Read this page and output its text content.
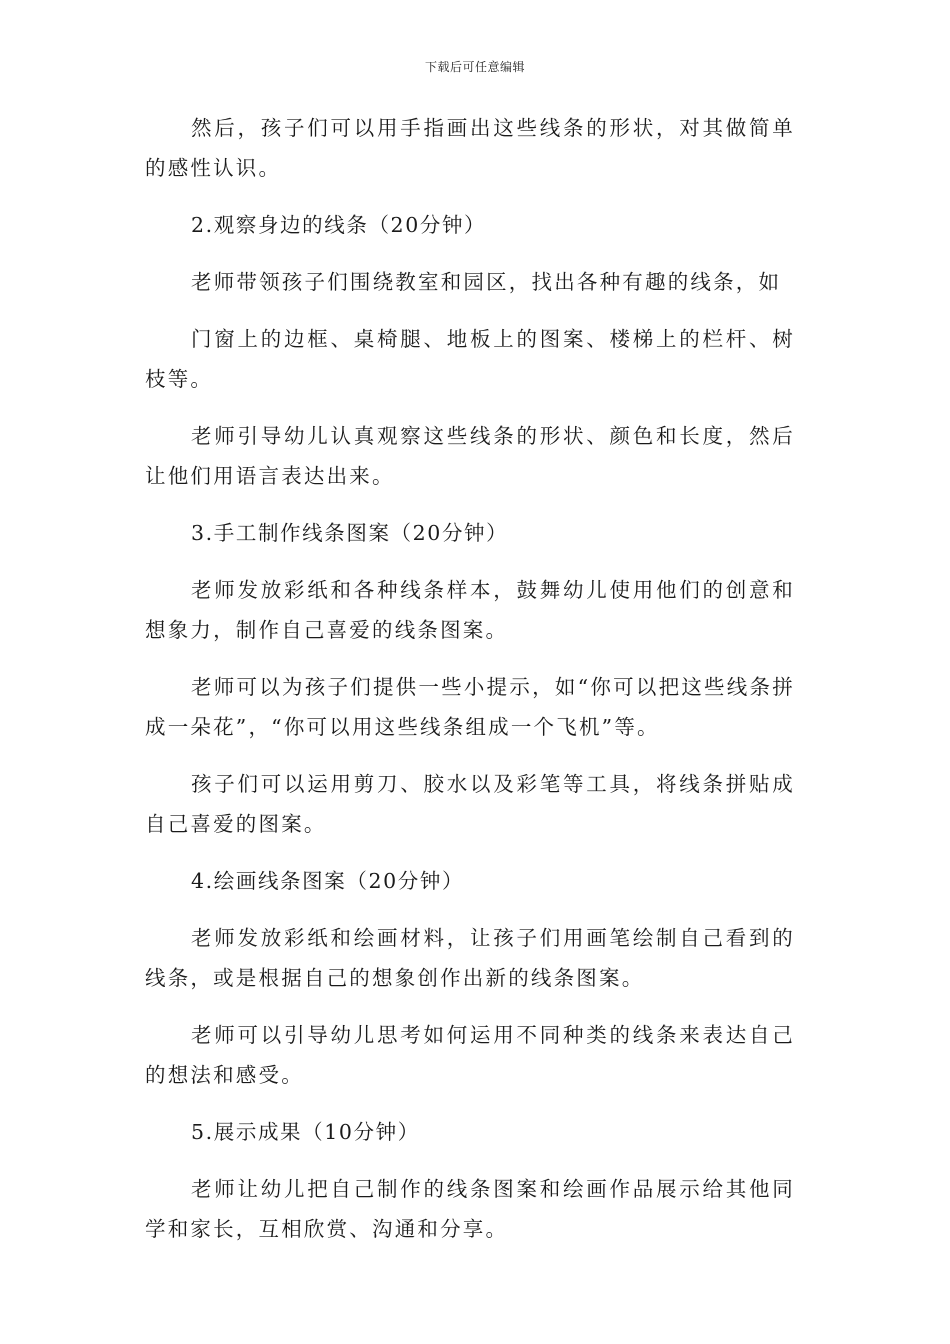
下载后可任意编辑

然后，孩子们可以用手指画出这些线条的形状，对其做简单的感性认识。

2.观察身边的线条（20分钟）

老师带领孩子们围绕教室和园区，找出各种有趣的线条，如

门窗上的边框、桌椅腿、地板上的图案、楼梯上的栏杆、树枝等。

老师引导幼儿认真观察这些线条的形状、颜色和长度，然后让他们用语言表达出来。

3.手工制作线条图案（20分钟）

老师发放彩纸和各种线条样本，鼓舞幼儿使用他们的创意和想象力，制作自己喜爱的线条图案。

老师可以为孩子们提供一些小提示，如“你可以把这些线条拼成一朵花”，“你可以用这些线条组成一个飞机”等。

孩子们可以运用剪刀、胶水以及彩笔等工具，将线条拼贴成自己喜爱的图案。

4.绘画线条图案（20分钟）

老师发放彩纸和绘画材料，让孩子们用画笔绘制自己看到的线条，或是根据自己的想象创作出新的线条图案。

老师可以引导幼儿思考如何运用不同种类的线条来表达自己的想法和感受。

5.展示成果（10分钟）

老师让幼儿把自己制作的线条图案和绘画作品展示给其他同学和家长，互相欣赏、沟通和分享。
